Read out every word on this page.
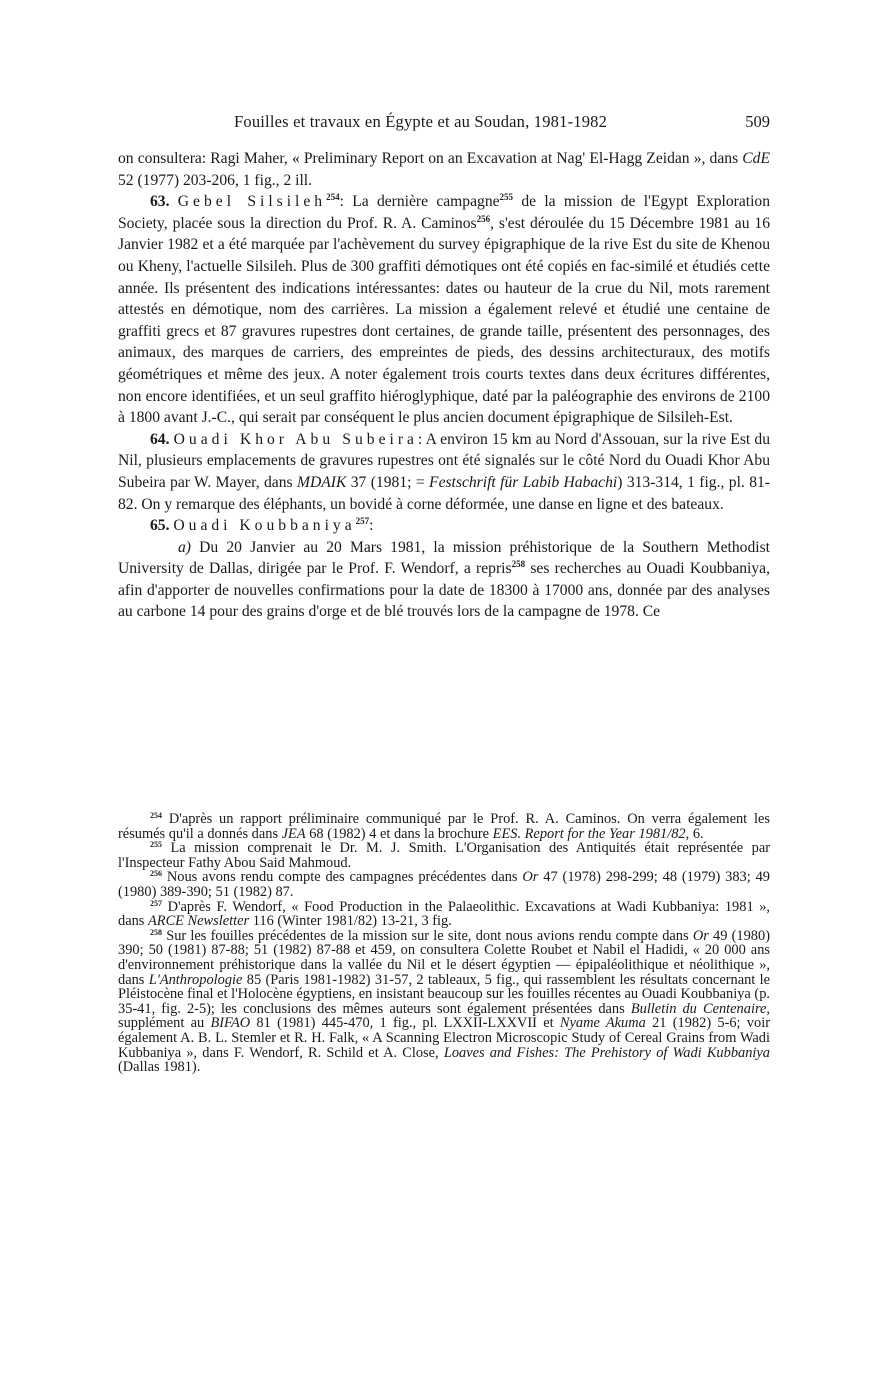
Fouilles et travaux en Égypte et au Soudan, 1981-1982	509

on consultera: Ragi Maher, « Preliminary Report on an Excavation at Nag' El-Hagg Zeidan », dans CdE 52 (1977) 203-206, 1 fig., 2 ill.

63. Gebel Silsileh$^{254}$: La dernière campagne$^{255}$ de la mission de l'Egypt Exploration Society, placée sous la direction du Prof. R. A. Caminos$^{256}$, s'est déroulée du 15 Décembre 1981 au 16 Janvier 1982 et a été marquée par l'achèvement du survey épigraphique de la rive Est du site de Khenou ou Kheny, l'actuelle Silsileh. Plus de 300 graffiti démotiques ont été copiés en fac-similé et étudiés cette année. Ils présentent des indications intéressantes: dates ou hauteur de la crue du Nil, mots rarement attestés en démotique, nom des carrières. La mission a également relevé et étudié une centaine de graffiti grecs et 87 gravures rupestres dont certaines, de grande taille, présentent des personnages, des animaux, des marques de carriers, des empreintes de pieds, des dessins architecturaux, des motifs géométriques et même des jeux. A noter également trois courts textes dans deux écritures différentes, non encore identifiées, et un seul graffito hiéroglyphique, daté par la paléographie des environs de 2100 à 1800 avant J.-C., qui serait par conséquent le plus ancien document épigraphique de Silsileh-Est.

64. Ouadi Khor Abu Subeira: A environ 15 km au Nord d'Assouan, sur la rive Est du Nil, plusieurs emplacements de gravures rupestres ont été signalés sur le côté Nord du Ouadi Khor Abu Subeira par W. Mayer, dans MDAIK 37 (1981; = Festschrift für Labib Habachi) 313-314, 1 fig., pl. 81-82. On y remarque des éléphants, un bovidé à corne déformée, une danse en ligne et des bateaux.

65. Ouadi Koubbaniya$^{257}$:

a) Du 20 Janvier au 20 Mars 1981, la mission préhistorique de la Southern Methodist University de Dallas, dirigée par le Prof. F. Wendorf, a repris$^{258}$ ses recherches au Ouadi Koubbaniya, afin d'apporter de nouvelles confirmations pour la date de 18300 à 17000 ans, donnée par des analyses au carbone 14 pour des grains d'orge et de blé trouvés lors de la campagne de 1978. Ce

$^{254}$ D'après un rapport préliminaire communiqué par le Prof. R. A. Caminos. On verra également les résumés qu'il a donnés dans JEA 68 (1982) 4 et dans la brochure EES. Report for the Year 1981/82, 6.

$^{255}$ La mission comprenait le Dr. M. J. Smith. L'Organisation des Antiquités était représentée par l'Inspecteur Fathy Abou Said Mahmoud.

$^{256}$ Nous avons rendu compte des campagnes précédentes dans Or 47 (1978) 298-299; 48 (1979) 383; 49 (1980) 389-390; 51 (1982) 87.

$^{257}$ D'après F. Wendorf, « Food Production in the Palaeolithic. Excavations at Wadi Kubbaniya: 1981 », dans ARCE Newsletter 116 (Winter 1981/82) 13-21, 3 fig.

$^{258}$ Sur les fouilles précédentes de la mission sur le site, dont nous avions rendu compte dans Or 49 (1980) 390; 50 (1981) 87-88; 51 (1982) 87-88 et 459, on consultera Colette Roubet et Nabil el Hadidi, « 20 000 ans d'environnement préhistorique dans la vallée du Nil et le désert égyptien — épipaléolithique et néolithique », dans L'Anthropologie 85 (Paris 1981-1982) 31-57, 2 tableaux, 5 fig., qui rassemblent les résultats concernant le Pléistocène final et l'Holocène égyptiens, en insistant beaucoup sur les fouilles récentes au Ouadi Koubbaniya (p. 35-41, fig. 2-5); les conclusions des mêmes auteurs sont également présentées dans Bulletin du Centenaire, supplément au BIFAO 81 (1981) 445-470, 1 fig., pl. LXXII-LXXVII et Nyame Akuma 21 (1982) 5-6; voir également A. B. L. Stemler et R. H. Falk, « A Scanning Electron Microscopic Study of Cereal Grains from Wadi Kubbaniya », dans F. Wendorf, R. Schild et A. Close, Loaves and Fishes: The Prehistory of Wadi Kubbaniya (Dallas 1981).
